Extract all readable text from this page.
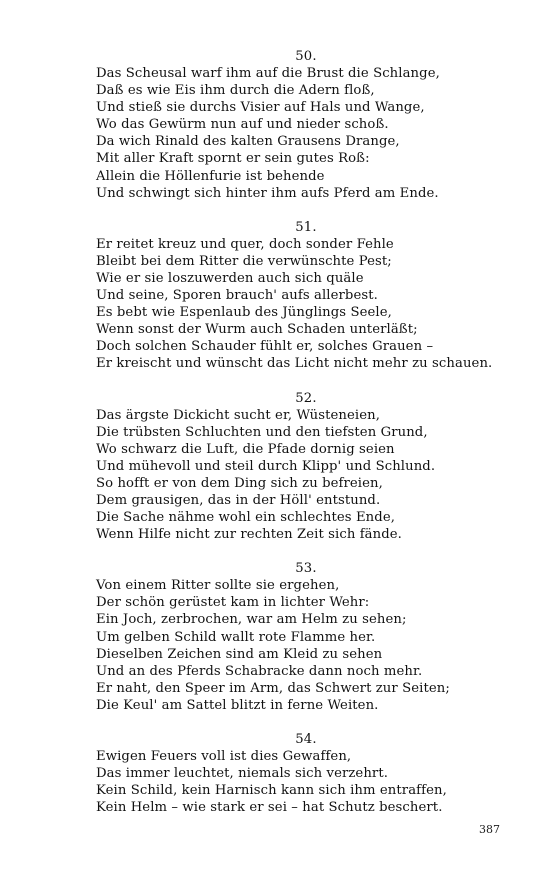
50.
Das Scheusal warf ihm auf die Brust die Schlange,
Daß es wie Eis ihm durch die Adern floß,
Und stieß sie durchs Visier auf Hals und Wange,
Wo das Gewürm nun auf und nieder schoß.
Da wich Rinald des kalten Grausens Drange,
Mit aller Kraft spornt er sein gutes Roß:
Allein die Höllenfurie ist behende
Und schwingt sich hinter ihm aufs Pferd am Ende.
51.
Er reitet kreuz und quer, doch sonder Fehle
Bleibt bei dem Ritter die verwünschte Pest;
Wie er sie loszuwerden auch sich quäle
Und seine, Sporen brauch' aufs allerbest.
Es bebt wie Espenlaub des Jünglings Seele,
Wenn sonst der Wurm auch Schaden unterläßt;
Doch solchen Schauder fühlt er, solches Grauen –
Er kreischt und wünscht das Licht nicht mehr zu schauen.
52.
Das ärgste Dickicht sucht er, Wüsteneien,
Die trübsten Schluchten und den tiefsten Grund,
Wo schwarz die Luft, die Pfade dornig seien
Und mühevoll und steil durch Klipp' und Schlund.
So hofft er von dem Ding sich zu befreien,
Dem grausigen, das in der Höll' entstund.
Die Sache nähme wohl ein schlechtes Ende,
Wenn Hilfe nicht zur rechten Zeit sich fände.
53.
Von einem Ritter sollte sie ergehen,
Der schön gerüstet kam in lichter Wehr:
Ein Joch, zerbrochen, war am Helm zu sehen;
Um gelben Schild wallt rote Flamme her.
Dieselben Zeichen sind am Kleid zu sehen
Und an des Pferds Schabracke dann noch mehr.
Er naht, den Speer im Arm, das Schwert zur Seiten;
Die Keul' am Sattel blitzt in ferne Weiten.
54.
Ewigen Feuers voll ist dies Gewaffen,
Das immer leuchtet, niemals sich verzehrt.
Kein Schild, kein Harnisch kann sich ihm entraffen,
Kein Helm – wie stark er sei – hat Schutz beschert.
387
